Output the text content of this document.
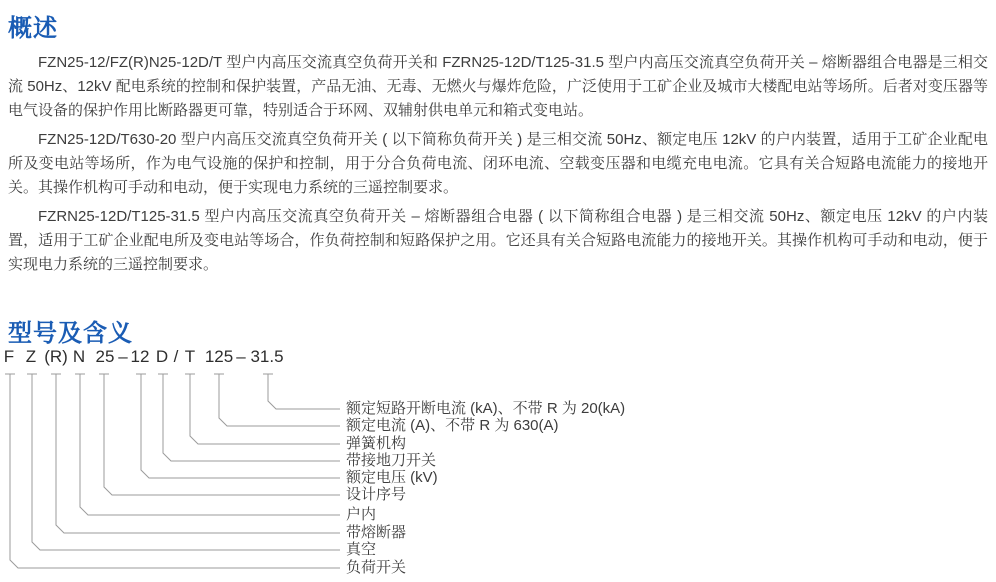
概述

FZN25-12/FZ(R)N25-12D/T 型户内高压交流真空负荷开关和 FZRN25-12D/T125-31.5 型户内高压交流真空负荷开关 – 熔断器组合电器是三相交流 50Hz、12kV 配电系统的控制和保护装置，产品无油、无毒、无燃火与爆炸危险，广泛使用于工矿企业及城市大楼配电站等场所。后者对变压器等电气设备的保护作用比断路器更可靠，特别适合于环网、双辅射供电单元和箱式变电站。

FZN25-12D/T630-20 型户内高压交流真空负荷开关 ( 以下简称负荷开关 ) 是三相交流 50Hz、额定电压 12kV 的户内装置，适用于工矿企业配电所及变电站等场所，作为电气设施的保护和控制，用于分合负荷电流、闭环电流、空载变压器和电缆充电电流。它具有关合短路电流能力的接地开关。其操作机构可手动和电动，便于实现电力系统的三遥控制要求。

FZRN25-12D/T125-31.5 型户内高压交流真空负荷开关 – 熔断器组合电器 ( 以下简称组合电器 ) 是三相交流 50Hz、额定电压 12kV 的户内装置，适用于工矿企业配电所及变电站等场合，作负荷控制和短路保护之用。它还具有关合短路电流能力的接地开关。其操作机构可手动和电动，便于实现电力系统的三遥控制要求。

型号及含义
F Z (R) N 25 – 12 D / T 125 – 31.5
额定短路开断电流 (kA)、不带 R 为 20(kA)
额定电流 (A)、不带 R 为 630(A)
弹簧机构
带接地刀开关
额定电压 (kV)
设计序号
户内
带熔断器
真空
负荷开关
